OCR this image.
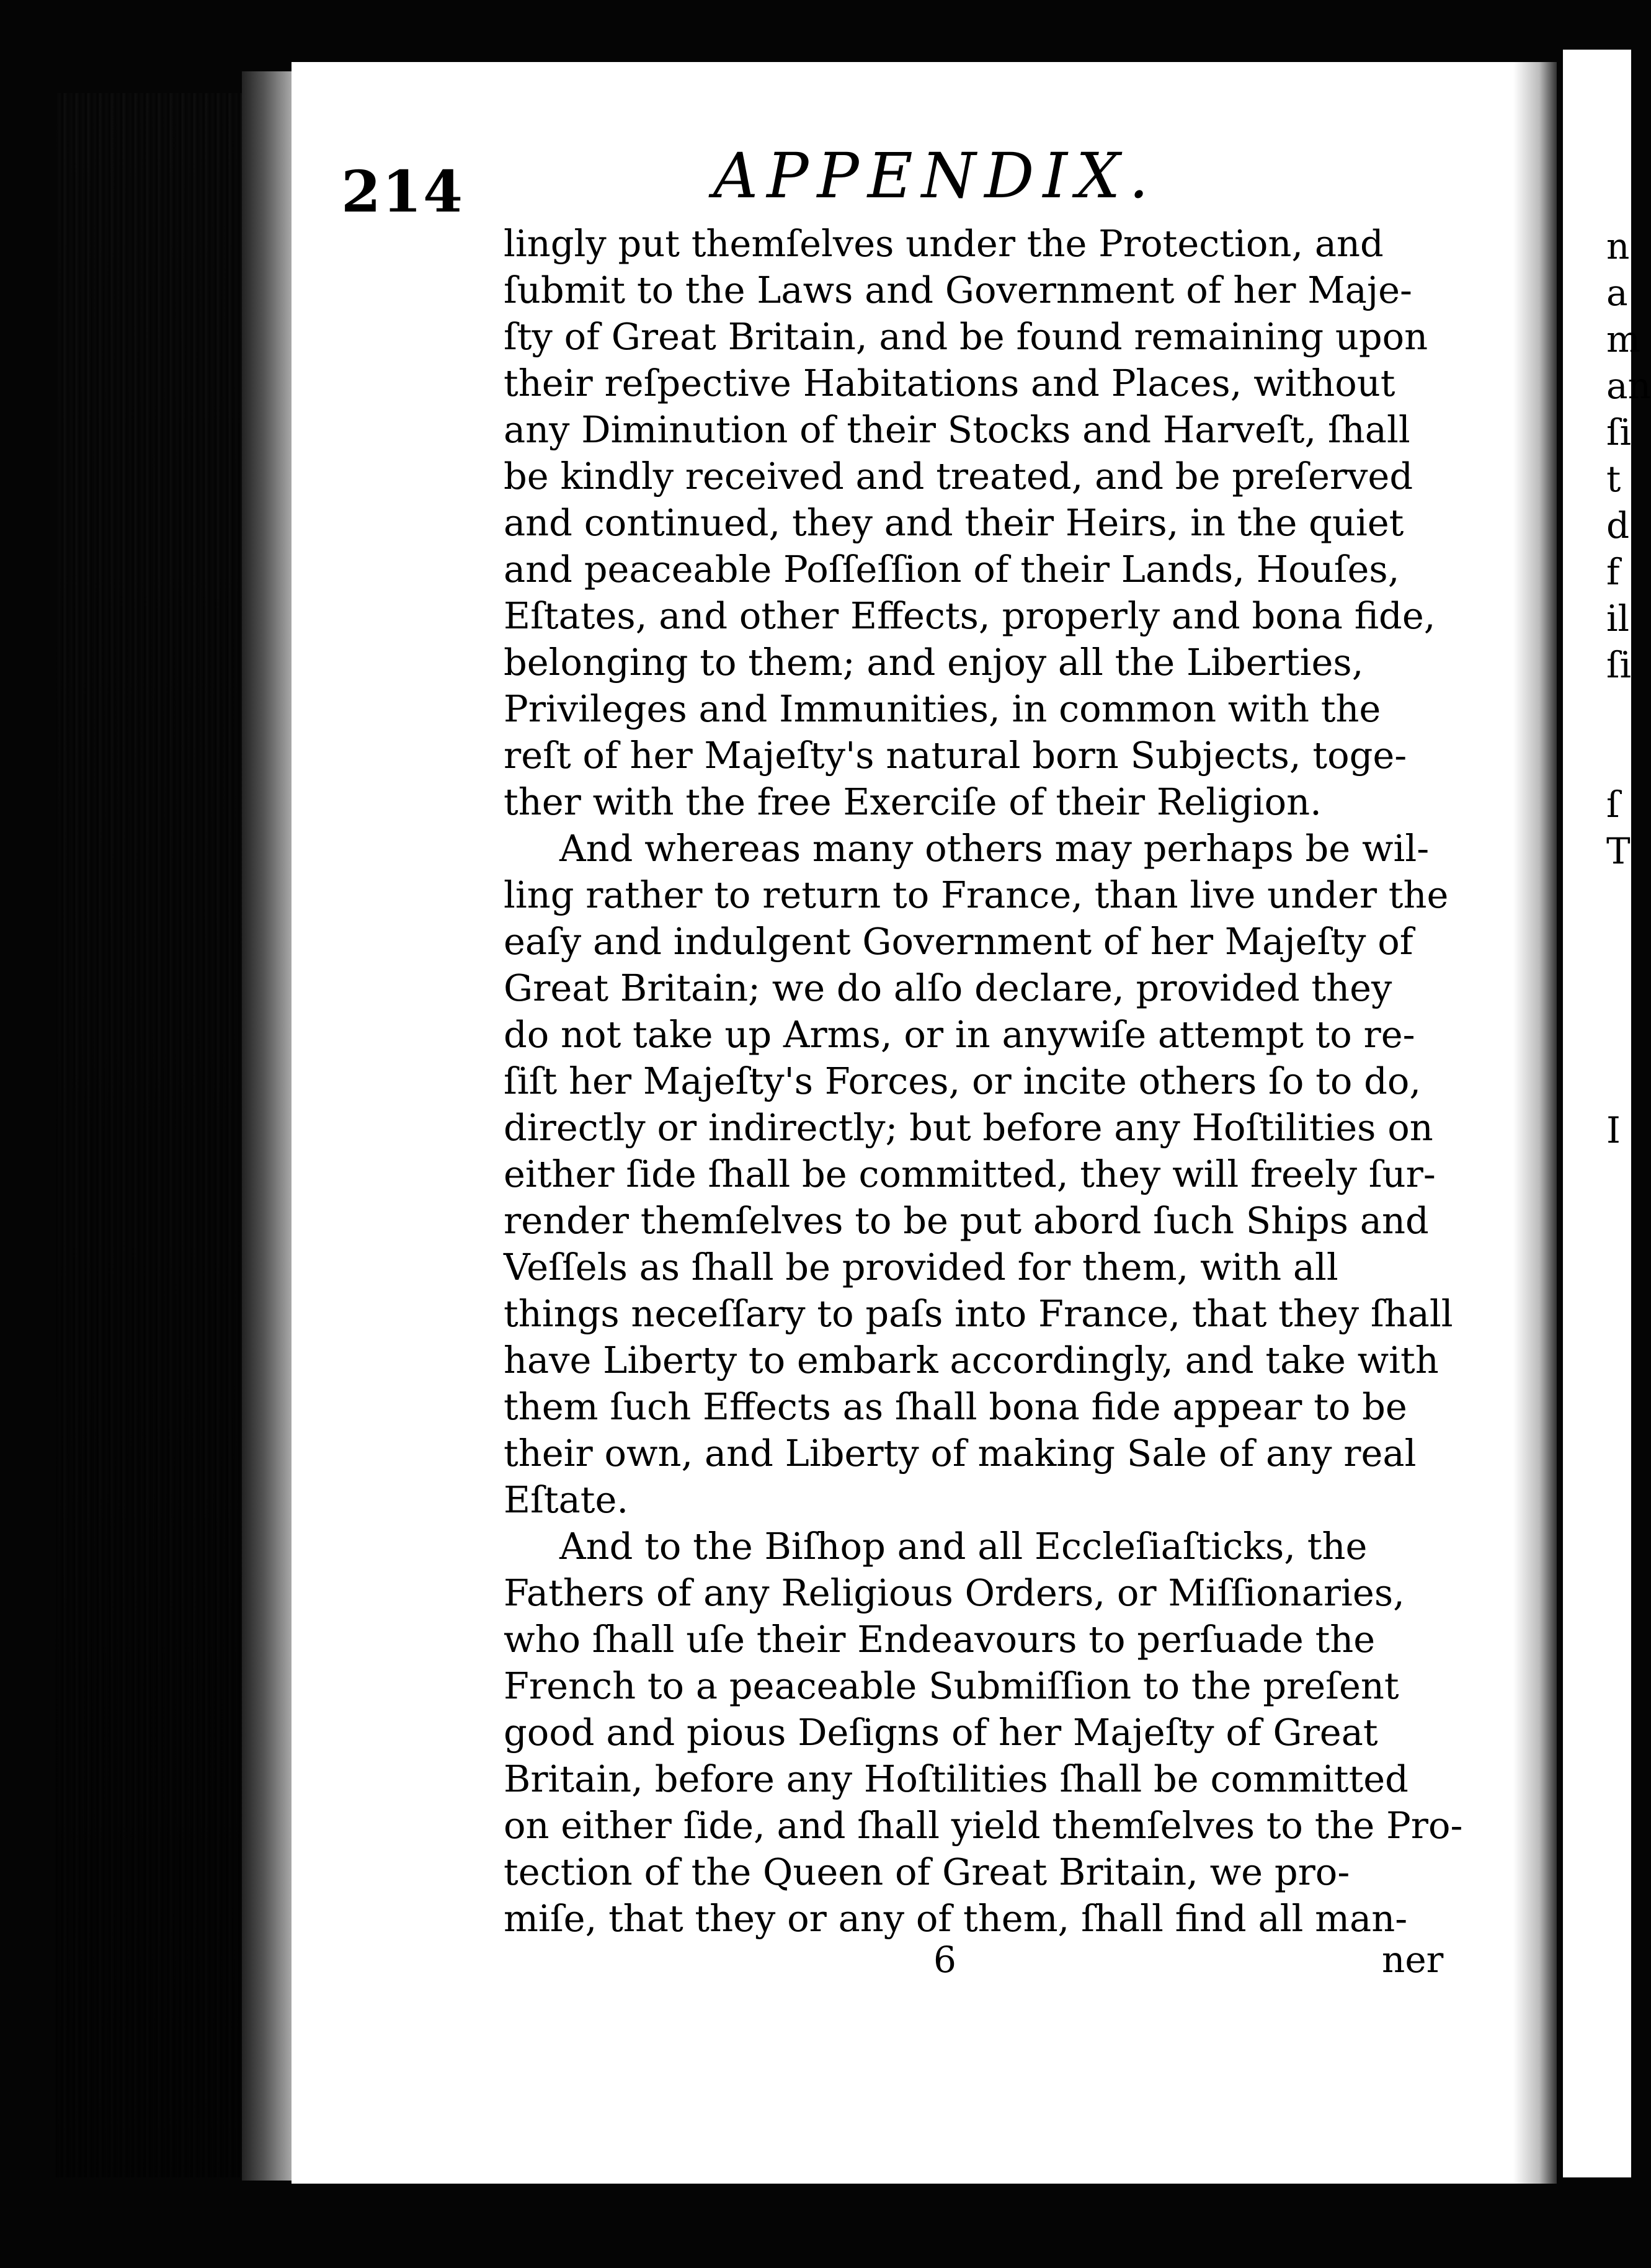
n
a
m
an
ſi
t
d
f
il
ſi
ſ
T
I
214	APPENDIX.
lingly put themſelves under the Protection, and
ſubmit to the Laws and Government of her Maje-
ſty of Great Britain, and be found remaining upon
their reſpective Habitations and Places, without
any Diminution of their Stocks and Harveſt, ſhall
be kindly received and treated, and be preſerved
and continued, they and their Heirs, in the quiet
and peaceable Poſſeſſion of their Lands, Houſes,
Eſtates, and other Effects, properly and bona fide,
belonging to them; and enjoy all the Liberties,
Privileges and Immunities, in common with the
reſt of her Majeſty's natural born Subjects, toge-
ther with the free Exerciſe of their Religion.
And whereas many others may perhaps be wil-
ling rather to return to France, than live under the
eaſy and indulgent Government of her Majeſty of
Great Britain; we do alſo declare, provided they
do not take up Arms, or in anywiſe attempt to re-
ſiſt her Majeſty's Forces, or incite others ſo to do,
directly or indirectly; but before any Hoſtilities on
either ſide ſhall be committed, they will freely ſur-
render themſelves to be put abord ſuch Ships and
Veſſels as ſhall be provided for them, with all
things neceſſary to paſs into France, that they ſhall
have Liberty to embark accordingly, and take with
them ſuch Effects as ſhall bona fide appear to be
their own, and Liberty of making Sale of any real
Eſtate.
And to the Biſhop and all Eccleſiaſticks, the
Fathers of any Religious Orders, or Miſſionaries,
who ſhall uſe their Endeavours to perſuade the
French to a peaceable Submiſſion to the preſent
good and pious Deſigns of her Majeſty of Great
Britain, before any Hoſtilities ſhall be committed
on either ſide, and ſhall yield themſelves to the Pro-
tection of the Queen of Great Britain, we pro-
miſe, that they or any of them, ſhall find all man-
6	ner
